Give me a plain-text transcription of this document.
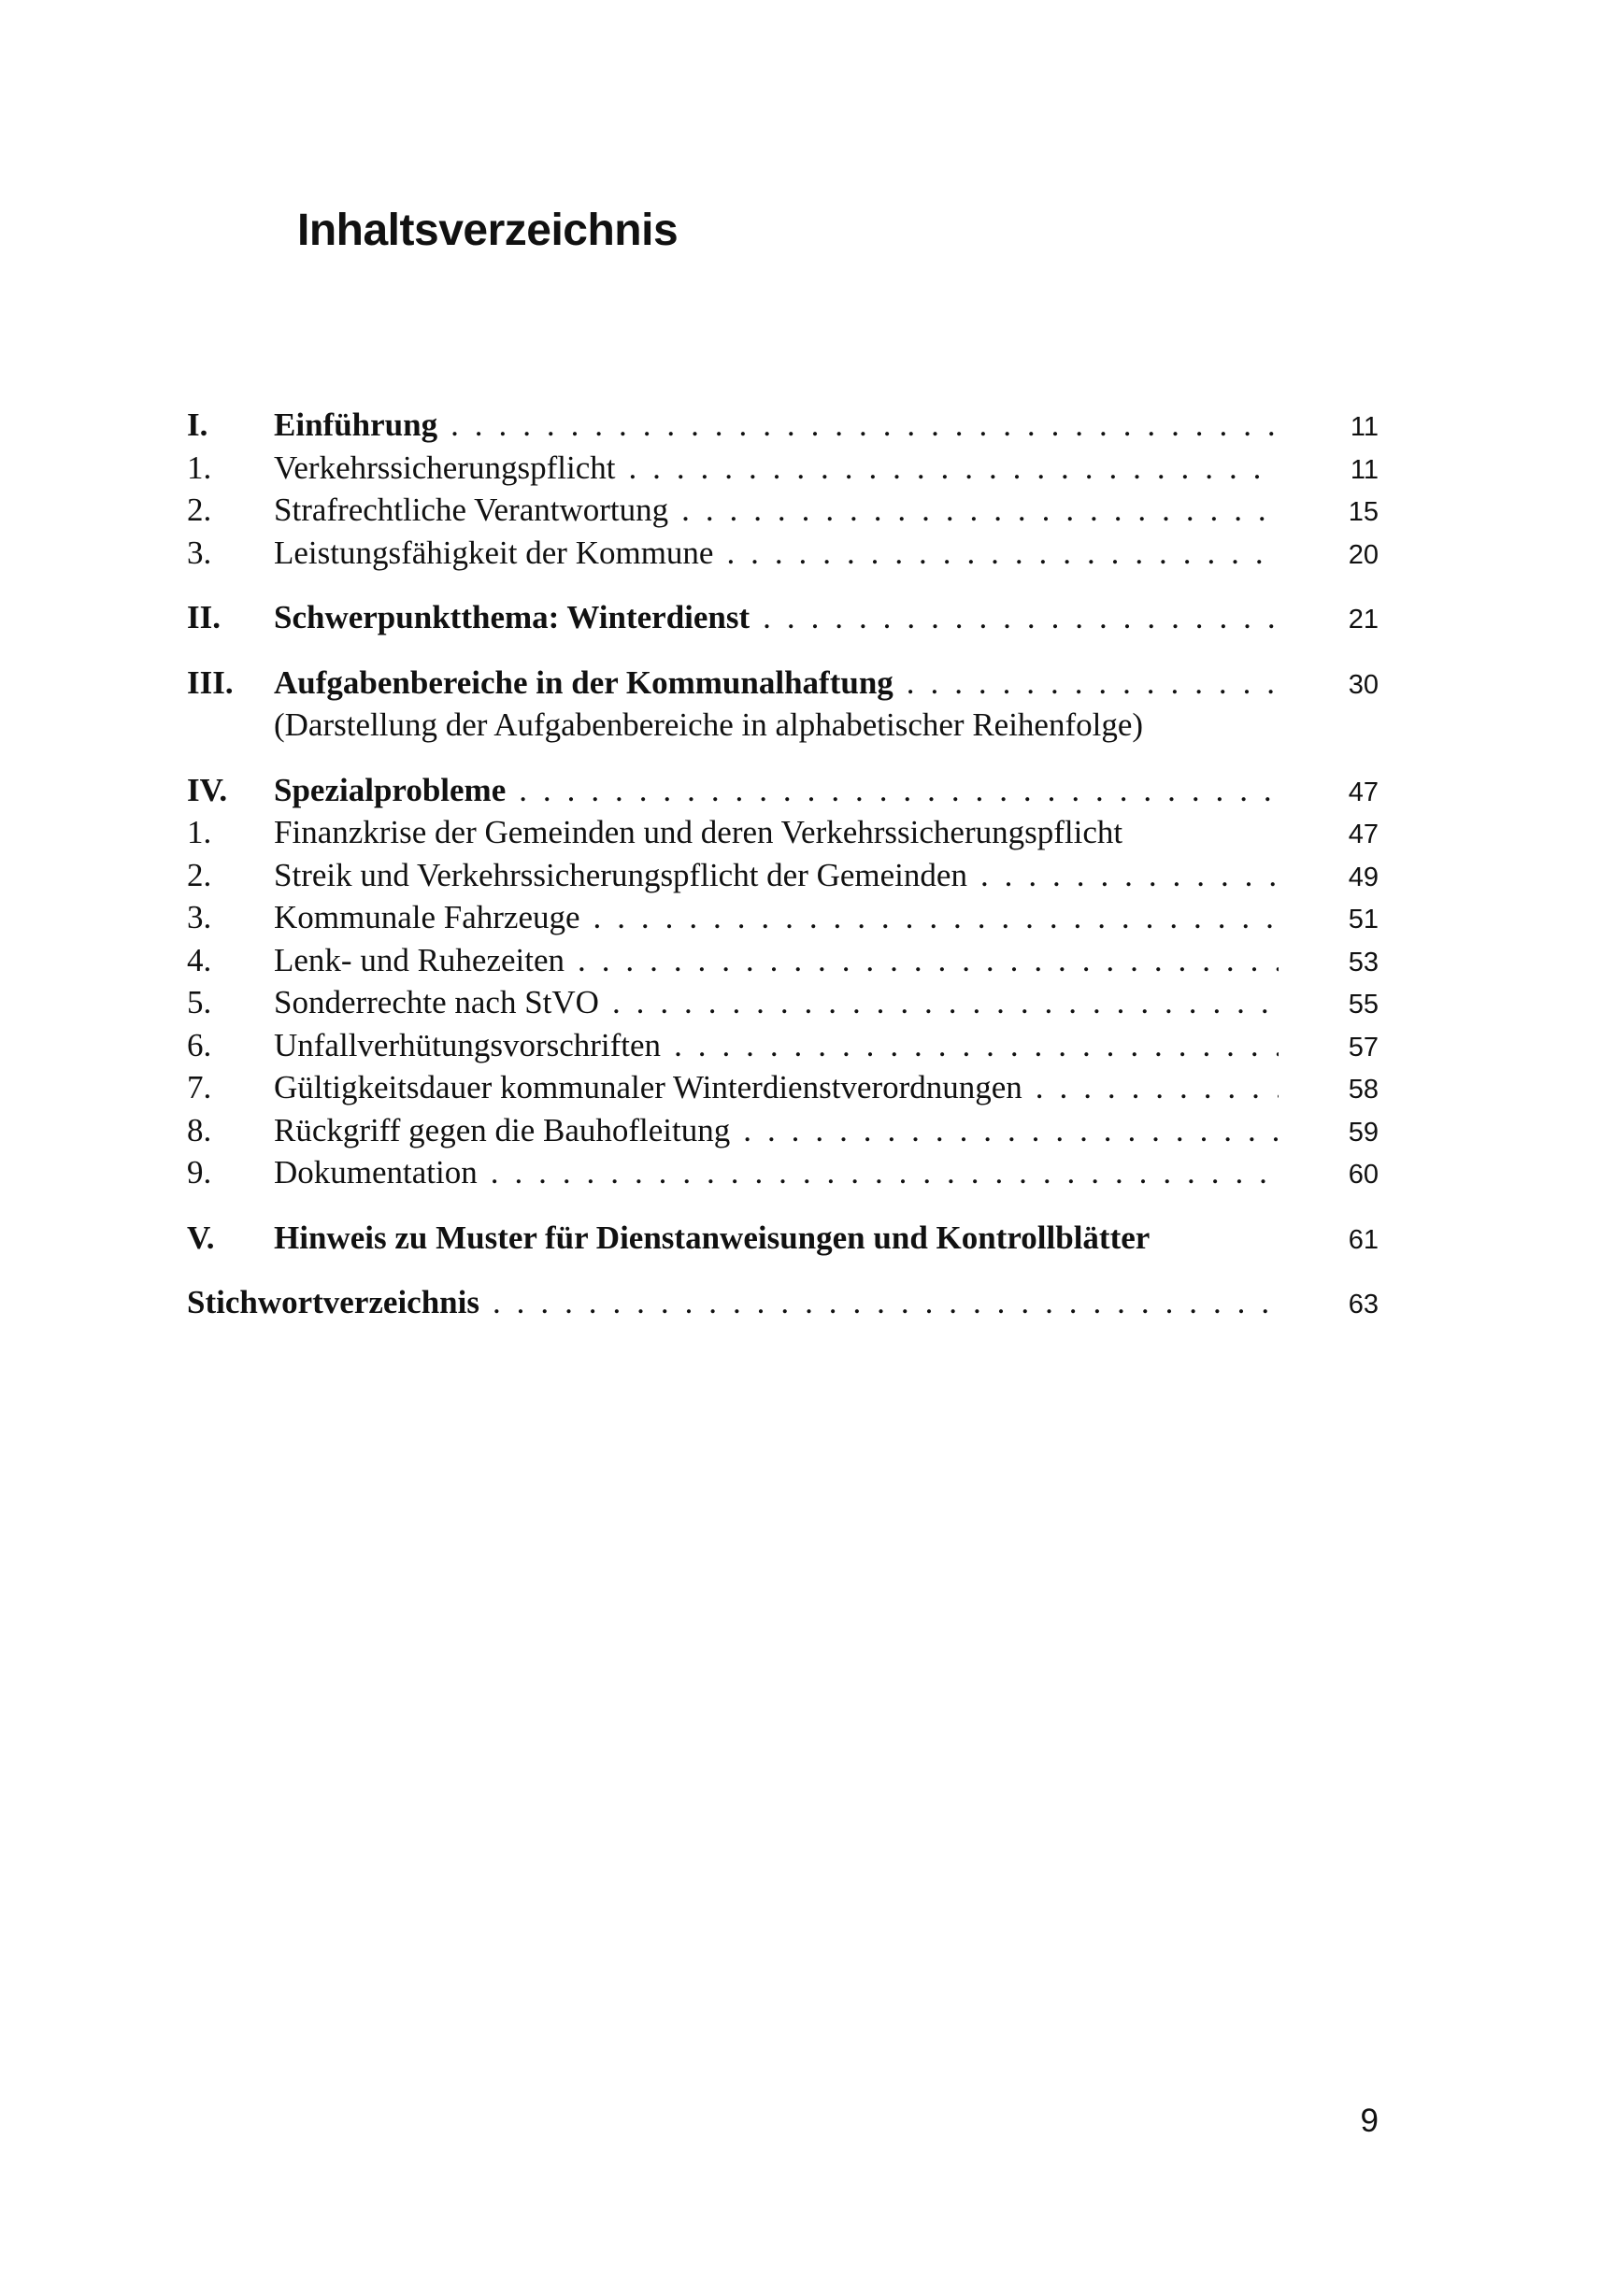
Inhaltsverzeichnis
I.	Einführung . . .	11
1.	Verkehrssicherungspflicht . . .	11
2.	Strafrechtliche Verantwortung . . .	15
3.	Leistungsfähigkeit der Kommune . . .	20
II.	Schwerpunktthema: Winterdienst . . .	21
III.	Aufgabenbereiche in der Kommunalhaftung . . .	30
(Darstellung der Aufgabenbereiche in alphabetischer Reihenfolge)
IV.	Spezialprobleme . . .	47
1.	Finanzkrise der Gemeinden und deren Verkehrssicherungspflicht	47
2.	Streik und Verkehrssicherungspflicht der Gemeinden . . .	49
3.	Kommunale Fahrzeuge . . .	51
4.	Lenk- und Ruhezeiten . . .	53
5.	Sonderrechte nach StVO . . .	55
6.	Unfallverhütungsvorschriften . . .	57
7.	Gültigkeitsdauer kommunaler Winterdienstverordnungen . . .	58
8.	Rückgriff gegen die Bauhofleitung . . .	59
9.	Dokumentation . . .	60
V.	Hinweis zu Muster für Dienstanweisungen und Kontrollblätter	61
Stichwortverzeichnis . . .	63
9
